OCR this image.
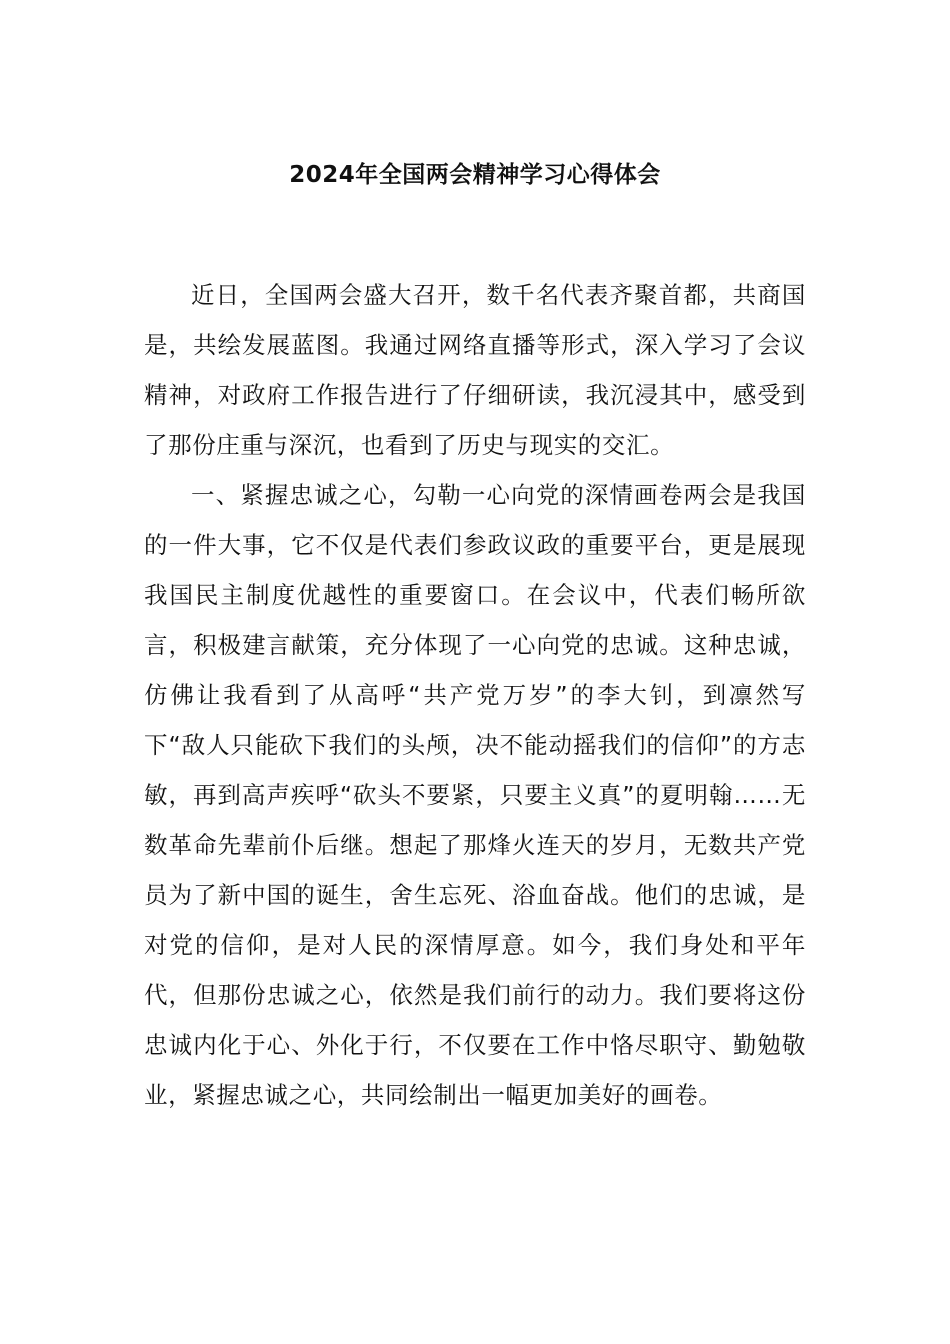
2024年全国两会精神学习心得体会

近日，全国两会盛大召开，数千名代表齐聚首都，共商国是，共绘发展蓝图。我通过网络直播等形式，深入学习了会议精神，对政府工作报告进行了仔细研读，我沉浸其中，感受到了那份庄重与深沉，也看到了历史与现实的交汇。

一、紧握忠诚之心，勾勒一心向党的深情画卷两会是我国的一件大事，它不仅是代表们参政议政的重要平台，更是展现我国民主制度优越性的重要窗口。在会议中，代表们畅所欲言，积极建言献策，充分体现了一心向党的忠诚。这种忠诚，仿佛让我看到了从高呼“共产党万岁”的李大钊，到凛然写下“敌人只能砍下我们的头颅，决不能动摇我们的信仰”的方志敏，再到高声疾呼“砍头不要紧，只要主义真”的夏明翰……无数革命先辈前仆后继。想起了那烽火连天的岁月，无数共产党员为了新中国的诞生，舍生忘死、浴血奋战。他们的忠诚，是对党的信仰，是对人民的深情厚意。如今，我们身处和平年代，但那份忠诚之心，依然是我们前行的动力。我们要将这份忠诚内化于心、外化于行，不仅要在工作中恪尽职守、勤勉敬业，紧握忠诚之心，共同绘制出一幅更加美好的画卷。
